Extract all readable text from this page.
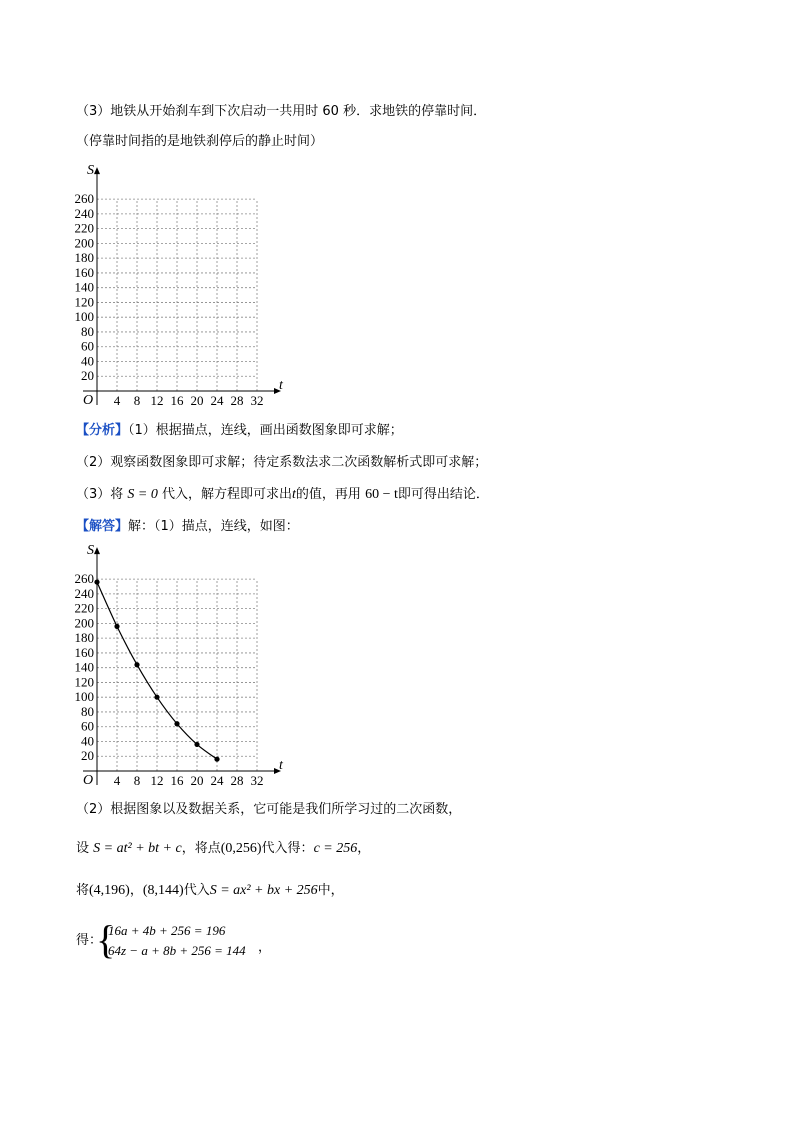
（3）地铁从开始刹车到下次启动一共用时 60 秒．求地铁的停靠时间．
（停靠时间指的是地铁刹停后的静止时间）
4 8 12 16 20 24 28 32
20
40
60
80
100
120
140
160
180
200
220
240
260
t
S
O
【分析】（1）根据描点，连线，画出函数图象即可求解；
（2）观察函数图象即可求解；待定系数法求二次函数解析式即可求解；
（3）将 S = 0 代入，解方程即可求出t的值，再用 60 − t即可得出结论．
【解答】解：（1）描点，连线，如图：
4 8 12 16 20 24 28 32
20
40
60
80
100
120
140
160
180
200
220
240
260
t
S
O
（2）根据图象以及数据关系，它可能是我们所学习过的二次函数，
设 S = at² + bt + c，将点(0,256)代入得：c = 256，
将(4,196)，(8,144)代入S = ax² + bx + 256中，
得：
{
16a + 4b + 256 = 196
64z − a + 8b + 256 = 144 ，
